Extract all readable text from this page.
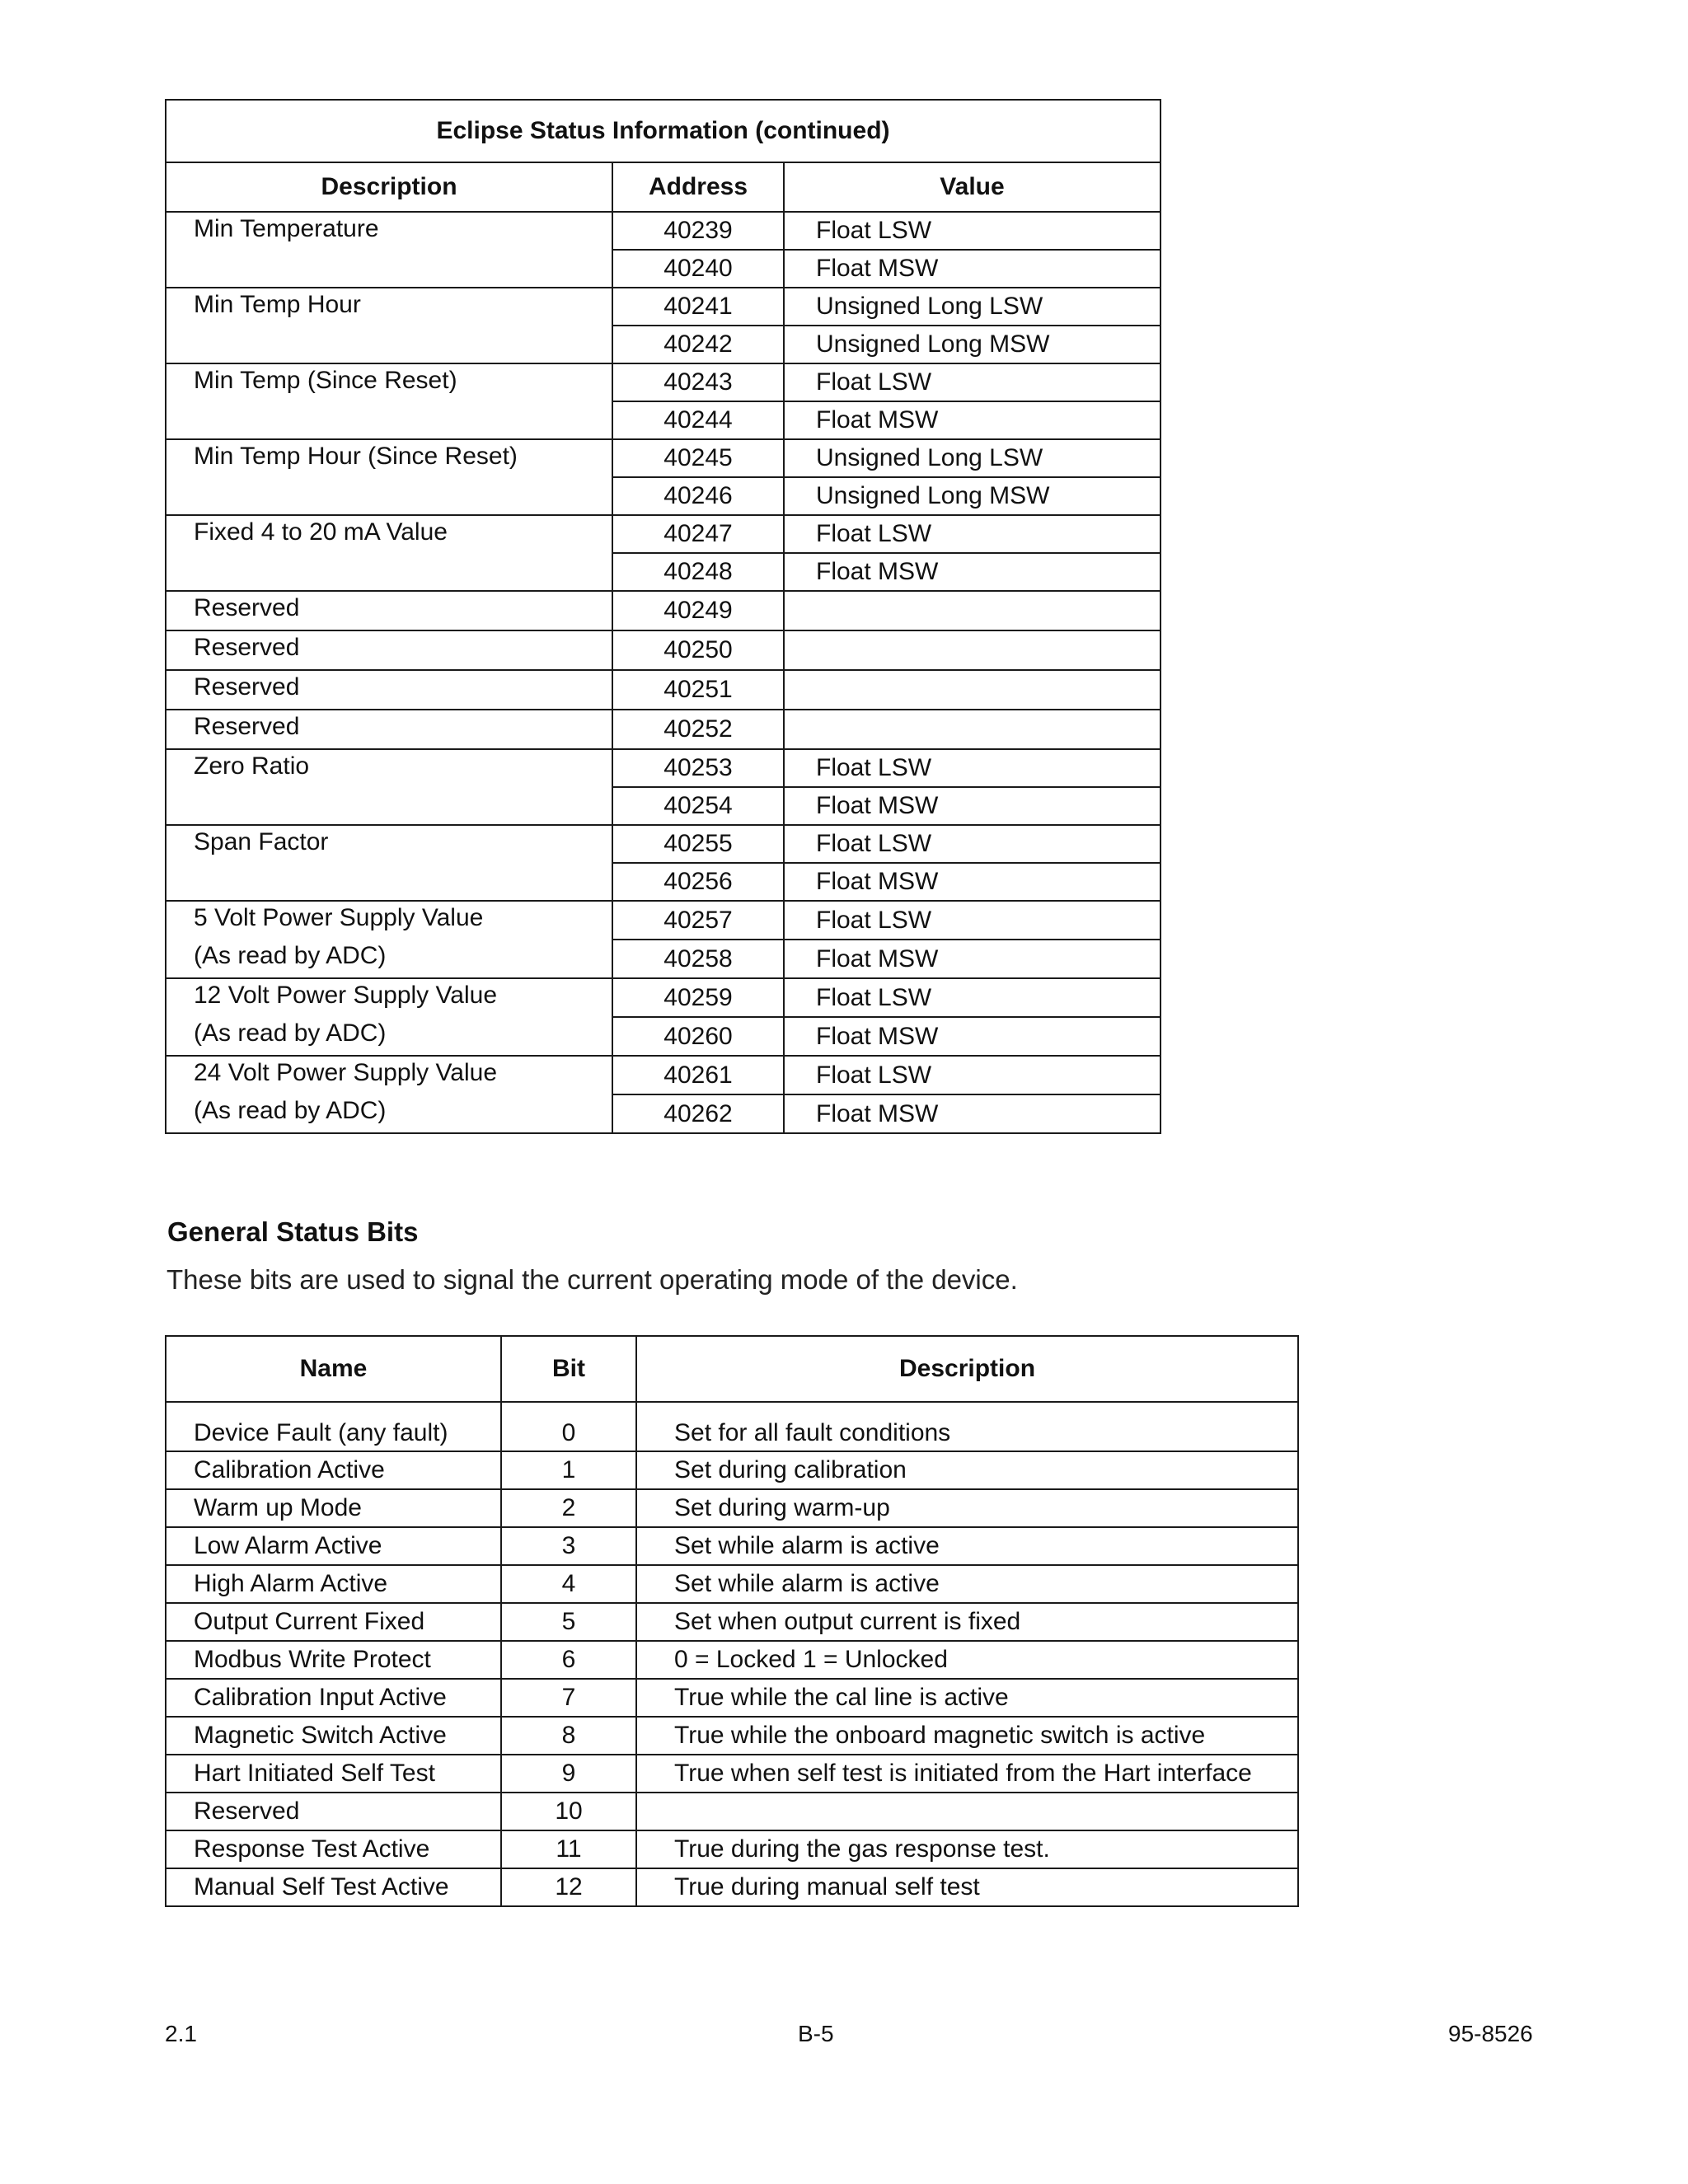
Eclipse Status Information (continued)		
Description	Address	Value

Min Temperature	40239	Float LSW
	40240	Float MSW

Min Temp Hour	40241	Unsigned Long LSW
	40242	Unsigned Long MSW

Min Temp (Since Reset)	40243	Float LSW
	40244	Float MSW

Min Temp Hour (Since Reset)	40245	Unsigned Long LSW
	40246	Unsigned Long MSW

Fixed 4 to 20 mA Value	40247	Float LSW
	40248	Float MSW

Reserved	40249	

Reserved	40250	

Reserved	40251	

Reserved	40252	

Zero Ratio	40253	Float LSW
	40254	Float MSW

Span Factor	40255	Float LSW
	40256	Float MSW

5 Volt Power Supply Value
(As read by ADC)	40257	Float LSW
	40258	Float MSW

12 Volt Power Supply Value
(As read by ADC)	40259	Float LSW
	40260	Float MSW

24 Volt Power Supply Value
(As read by ADC)	40261	Float LSW
	40262	Float MSW
General Status Bits

These bits are used to signal the current operating mode of the device.

Name	Bit	Description
Device Fault (any fault)	0	Set for all fault conditions
Calibration Active	1	Set during calibration
Warm up Mode	2	Set during warm-up
Low Alarm Active	3	Set while alarm is active
High Alarm Active	4	Set while alarm is active
Output Current Fixed	5	Set when output current is fixed
Modbus Write Protect	6	0 = Locked 1 = Unlocked
Calibration Input Active	7	True while the cal line is active
Magnetic Switch Active	8	True while the onboard magnetic switch is active
Hart Initiated Self Test	9	True when self test is initiated from the Hart interface
Reserved	10	
Response Test Active	11	True during the gas response test.
Manual Self Test Active	12	True during manual self test
2.1	B-5	95-8526
